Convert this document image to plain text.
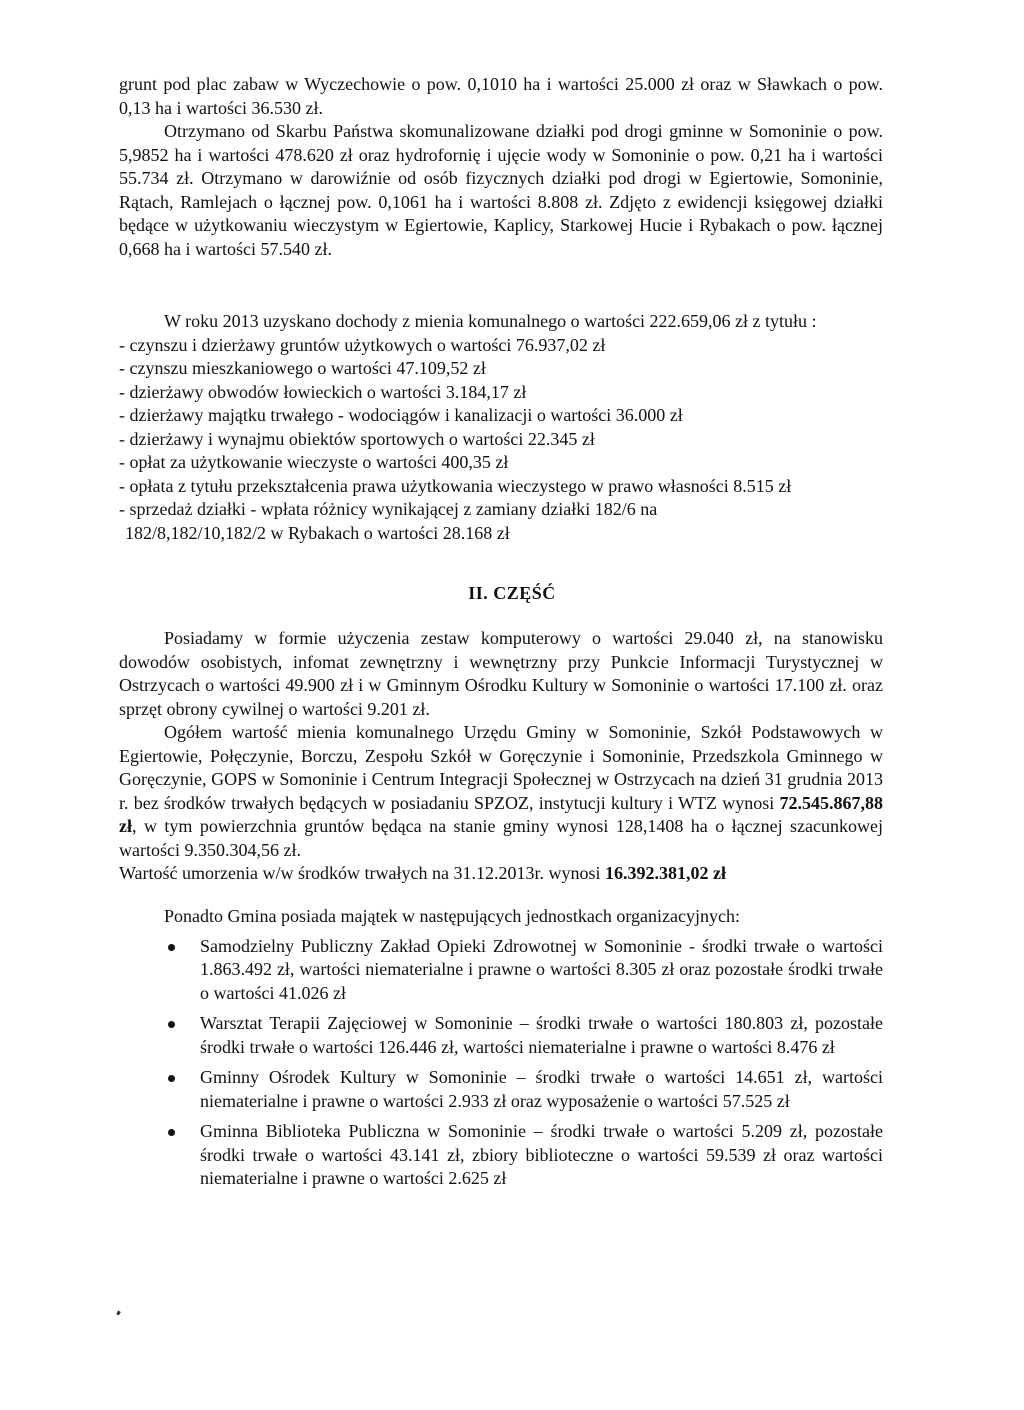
grunt pod plac zabaw w Wyczechowie o pow. 0,1010 ha i wartości 25.000 zł oraz w Sławkach o pow. 0,13 ha i wartości 36.530 zł.

Otrzymano od Skarbu Państwa skomunalizowane działki pod drogi gminne w Somoninie o pow. 5,9852 ha i wartości 478.620 zł oraz hydrofornię i ujęcie wody w Somoninie o pow. 0,21 ha i wartości 55.734 zł. Otrzymano w darowiźnie od osób fizycznych działki pod drogi w Egiertowie, Somoninie, Rątach, Ramlejach o łącznej pow. 0,1061 ha i wartości 8.808 zł. Zdjęto z ewidencji księgowej działki będące w użytkowaniu wieczystym w Egiertowie, Kaplicy, Starkowej Hucie i Rybakach o pow. łącznej 0,668 ha i wartości 57.540 zł.

W roku 2013 uzyskano dochody z mienia komunalnego o wartości 222.659,06 zł z tytułu :

- czynszu i dzierżawy gruntów użytkowych o wartości 76.937,02 zł
- czynszu mieszkaniowego o wartości 47.109,52 zł
- dzierżawy obwodów łowieckich o wartości 3.184,17 zł
- dzierżawy majątku trwałego - wodociągów i kanalizacji o wartości 36.000 zł
- dzierżawy i wynajmu obiektów sportowych o wartości 22.345 zł
- opłat za użytkowanie wieczyste o wartości 400,35 zł
- opłata z tytułu przekształcenia prawa użytkowania wieczystego w prawo własności 8.515 zł
- sprzedaż działki - wpłata różnicy wynikającej z zamiany działki 182/6 na
182/8,182/10,182/2 w Rybakach o wartości 28.168 zł
II. CZĘŚĆ

Posiadamy w formie użyczenia zestaw komputerowy o wartości 29.040 zł, na stanowisku dowodów osobistych, infomat zewnętrzny i wewnętrzny przy Punkcie Informacji Turystycznej w Ostrzycach o wartości 49.900 zł i w Gminnym Ośrodku Kultury w Somoninie o wartości 17.100 zł. oraz sprzęt obrony cywilnej o wartości 9.201 zł.

Ogółem wartość mienia komunalnego Urzędu Gminy w Somoninie, Szkół Podstawowych w Egiertowie, Połęczynie, Borczu, Zespołu Szkół w Goręczynie i Somoninie, Przedszkola Gminnego w Goręczynie, GOPS w Somoninie i Centrum Integracji Społecznej w Ostrzycach na dzień 31 grudnia 2013 r. bez środków trwałych będących w posiadaniu SPZOZ, instytucji kultury i WTZ wynosi 72.545.867,88 zł, w tym powierzchnia gruntów będąca na stanie gminy wynosi 128,1408 ha o łącznej szacunkowej wartości 9.350.304,56 zł.

Wartość umorzenia w/w środków trwałych na 31.12.2013r. wynosi 16.392.381,02 zł

Ponadto Gmina posiada majątek w następujących jednostkach organizacyjnych:

Samodzielny Publiczny Zakład Opieki Zdrowotnej w Somoninie - środki trwałe o wartości 1.863.492 zł, wartości niematerialne i prawne o wartości 8.305 zł oraz pozostałe środki trwałe o wartości 41.026 zł
Warsztat Terapii Zajęciowej w Somoninie – środki trwałe o wartości 180.803 zł, pozostałe środki trwałe o wartości 126.446 zł, wartości niematerialne i prawne o wartości 8.476 zł
Gminny Ośrodek Kultury w Somoninie – środki trwałe o wartości 14.651 zł, wartości niematerialne i prawne o wartości 2.933 zł oraz wyposażenie o wartości 57.525 zł
Gminna Biblioteka Publiczna w Somoninie – środki trwałe o wartości 5.209 zł, pozostałe środki trwałe o wartości 43.141 zł, zbiory biblioteczne o wartości 59.539 zł oraz wartości niematerialne i prawne o wartości 2.625 zł
